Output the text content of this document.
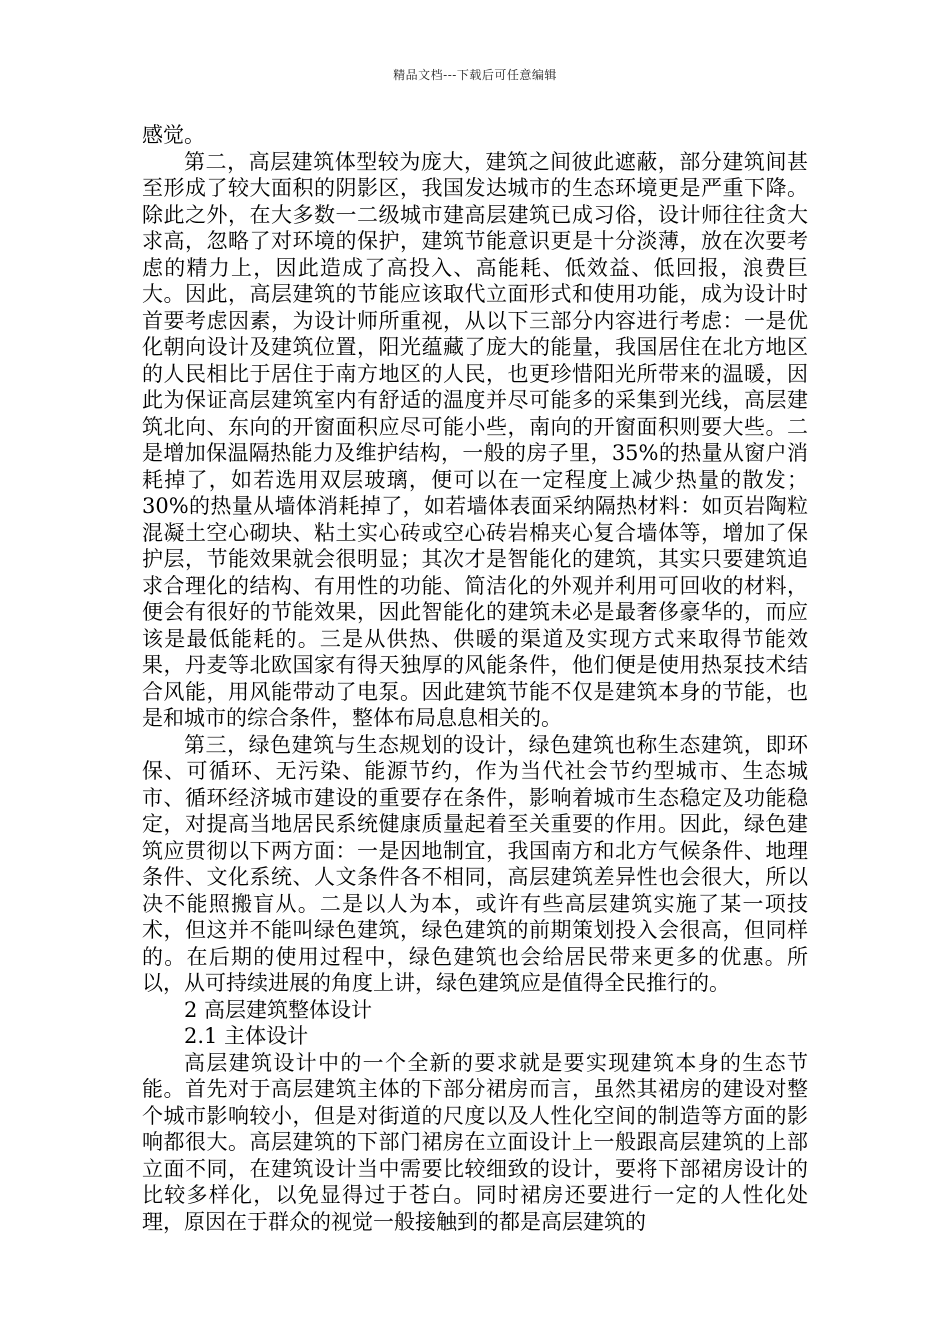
精品文档---下载后可任意编辑

感觉。

第二，高层建筑体型较为庞大，建筑之间彼此遮蔽，部分建筑间甚至形成了较大面积的阴影区，我国发达城市的生态环境更是严重下降。除此之外，在大多数一二级城市建高层建筑已成习俗，设计师往往贪大求高，忽略了对环境的保护，建筑节能意识更是十分淡薄，放在次要考虑的精力上，因此造成了高投入、高能耗、低效益、低回报，浪费巨大。因此，高层建筑的节能应该取代立面形式和使用功能，成为设计时首要考虑因素，为设计师所重视，从以下三部分内容进行考虑：一是优化朝向设计及建筑位置，阳光蕴藏了庞大的能量，我国居住在北方地区的人民相比于居住于南方地区的人民，也更珍惜阳光所带来的温暖，因此为保证高层建筑室内有舒适的温度并尽可能多的采集到光线，高层建筑北向、东向的开窗面积应尽可能小些，南向的开窗面积则要大些。二是增加保温隔热能力及维护结构，一般的房子里，35%的热量从窗户消耗掉了，如若选用双层玻璃，便可以在一定程度上减少热量的散发；30%的热量从墙体消耗掉了，如若墙体表面采纳隔热材料：如页岩陶粒混凝土空心砌块、粘土实心砖或空心砖岩棉夹心复合墙体等，增加了保护层，节能效果就会很明显；其次才是智能化的建筑，其实只要建筑追求合理化的结构、有用性的功能、简洁化的外观并利用可回收的材料，便会有很好的节能效果，因此智能化的建筑未必是最奢侈豪华的，而应该是最低能耗的。三是从供热、供暖的渠道及实现方式来取得节能效果，丹麦等北欧国家有得天独厚的风能条件，他们便是使用热泵技术结合风能，用风能带动了电泵。因此建筑节能不仅是建筑本身的节能，也是和城市的综合条件，整体布局息息相关的。

第三，绿色建筑与生态规划的设计，绿色建筑也称生态建筑，即环保、可循环、无污染、能源节约，作为当代社会节约型城市、生态城市、循环经济城市建设的重要存在条件，影响着城市生态稳定及功能稳定，对提高当地居民系统健康质量起着至关重要的作用。因此，绿色建筑应贯彻以下两方面：一是因地制宜，我国南方和北方气候条件、地理条件、文化系统、人文条件各不相同，高层建筑差异性也会很大，所以决不能照搬盲从。二是以人为本，或许有些高层建筑实施了某一项技术，但这并不能叫绿色建筑，绿色建筑的前期策划投入会很高，但同样的。在后期的使用过程中，绿色建筑也会给居民带来更多的优惠。所以，从可持续进展的角度上讲，绿色建筑应是值得全民推行的。

2 高层建筑整体设计

2.1 主体设计

高层建筑设计中的一个全新的要求就是要实现建筑本身的生态节能。首先对于高层建筑主体的下部分裙房而言，虽然其裙房的建设对整个城市影响较小，但是对街道的尺度以及人性化空间的制造等方面的影响都很大。高层建筑的下部门裙房在立面设计上一般跟高层建筑的上部立面不同，在建筑设计当中需要比较细致的设计，要将下部裙房设计的比较多样化，以免显得过于苍白。同时裙房还要进行一定的人性化处理，原因在于群众的视觉一般接触到的都是高层建筑的
